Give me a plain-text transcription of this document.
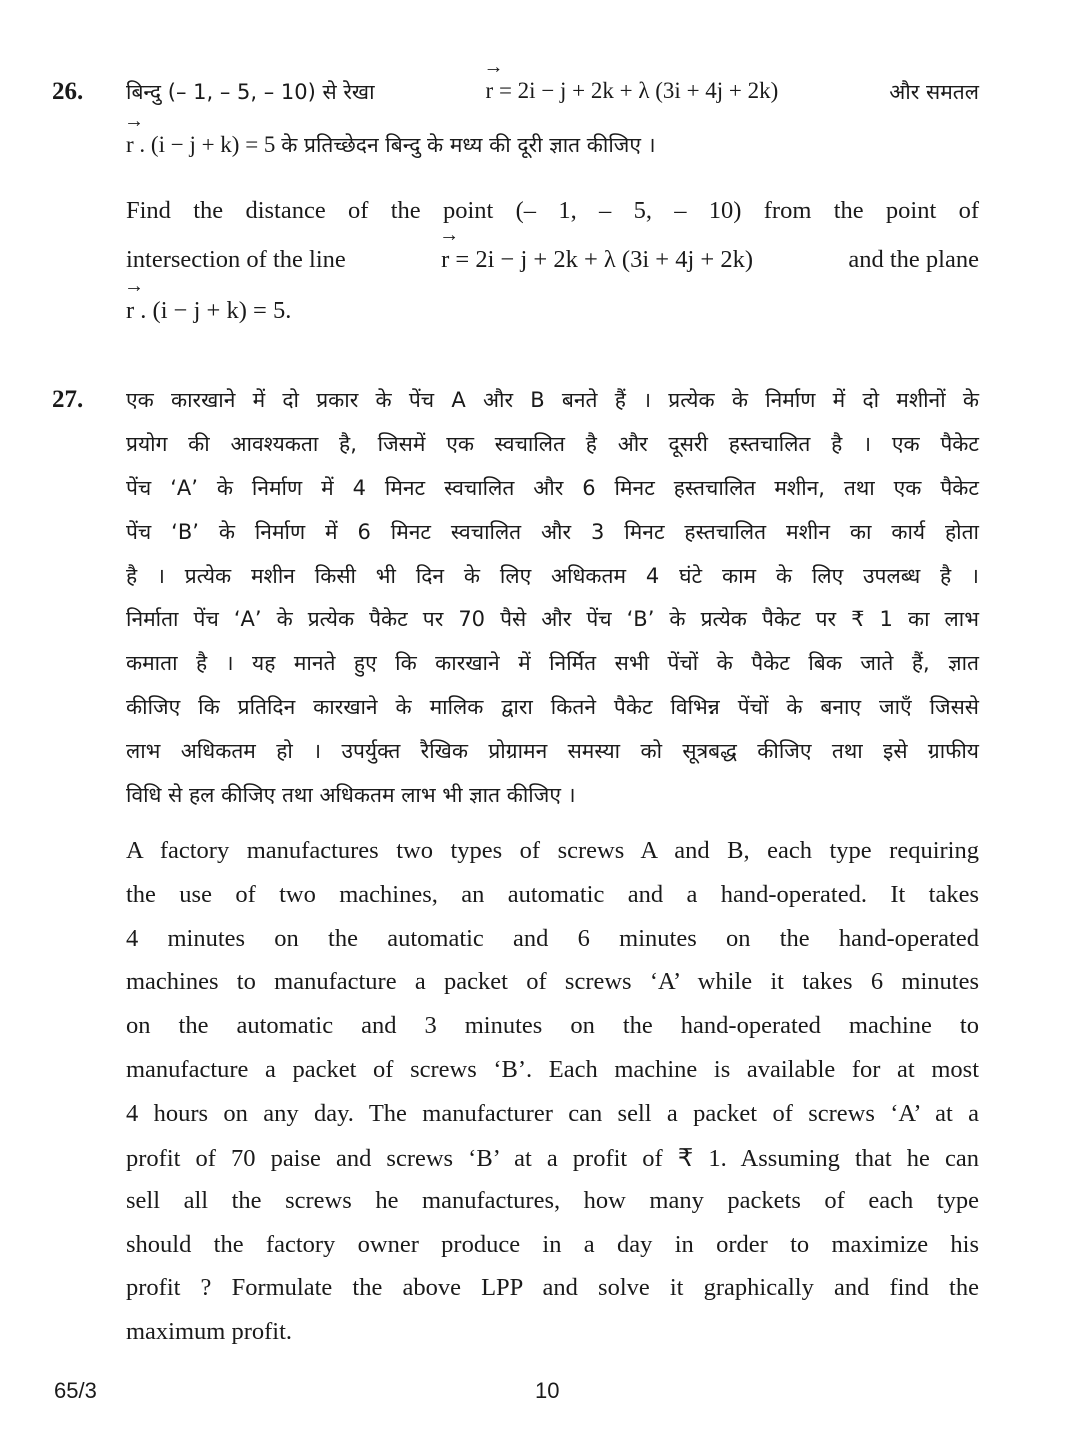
26. बिन्दु (– 1, – 5, – 10) से रेखा	r
→
= 2i − j + 2k + λ (3i + 4j + 2k)	और समतल
r
→
. (i − j + k) = 5 के प्रतिच्छेदन बिन्दु के मध्य की दूरी ज्ञात कीजिए ।
Find the distance of the point (– 1, – 5, – 10) from the point of
intersection of the line	r
→
= 2i − j + 2k + λ (3i + 4j + 2k)	and the plane
r
→
. (i − j + k) = 5.
27. एक कारखाने में दो प्रकार के पेंच A और B बनते हैं । प्रत्येक के निर्माण में दो मशीनों के
प्रयोग की आवश्यकता है, जिसमें एक स्वचालित है और दूसरी हस्तचालित है । एक पैकेट
पेंच ‘A’ के निर्माण में 4 मिनट स्वचालित और 6 मिनट हस्तचालित मशीन, तथा एक पैकेट
पेंच ‘B’ के निर्माण में 6 मिनट स्वचालित और 3 मिनट हस्तचालित मशीन का कार्य होता
है । प्रत्येक मशीन किसी भी दिन के लिए अधिकतम 4 घंटे काम के लिए उपलब्ध है ।
निर्माता पेंच ‘A’ के प्रत्येक पैकेट पर 70 पैसे और पेंच ‘B’ के प्रत्येक पैकेट पर ₹ 1 का लाभ
कमाता है । यह मानते हुए कि कारखाने में निर्मित सभी पेंचों के पैकेट बिक जाते हैं, ज्ञात
कीजिए कि प्रतिदिन कारखाने के मालिक द्वारा कितने पैकेट विभिन्न पेंचों के बनाए जाएँ जिससे
लाभ अधिकतम हो । उपर्युक्त रैखिक प्रोग्रामन समस्या को सूत्रबद्ध कीजिए तथा इसे ग्राफीय
विधि से हल कीजिए तथा अधिकतम लाभ भी ज्ञात कीजिए ।
A factory manufactures two types of screws A and B, each type requiring
the use of two machines, an automatic and a hand-operated. It takes
4 minutes on the automatic and 6 minutes on the hand-operated
machines to manufacture a packet of screws ‘A’ while it takes 6 minutes
on the automatic and 3 minutes on the hand-operated machine to
manufacture a packet of screws ‘B’. Each machine is available for at most
4 hours on any day. The manufacturer can sell a packet of screws ‘A’ at a
profit of 70 paise and screws ‘B’ at a profit of ₹ 1. Assuming that he can
sell all the screws he manufactures, how many packets of each type
should the factory owner produce in a day in order to maximize his
profit ? Formulate the above LPP and solve it graphically and find the
maximum profit.
65/3	10
